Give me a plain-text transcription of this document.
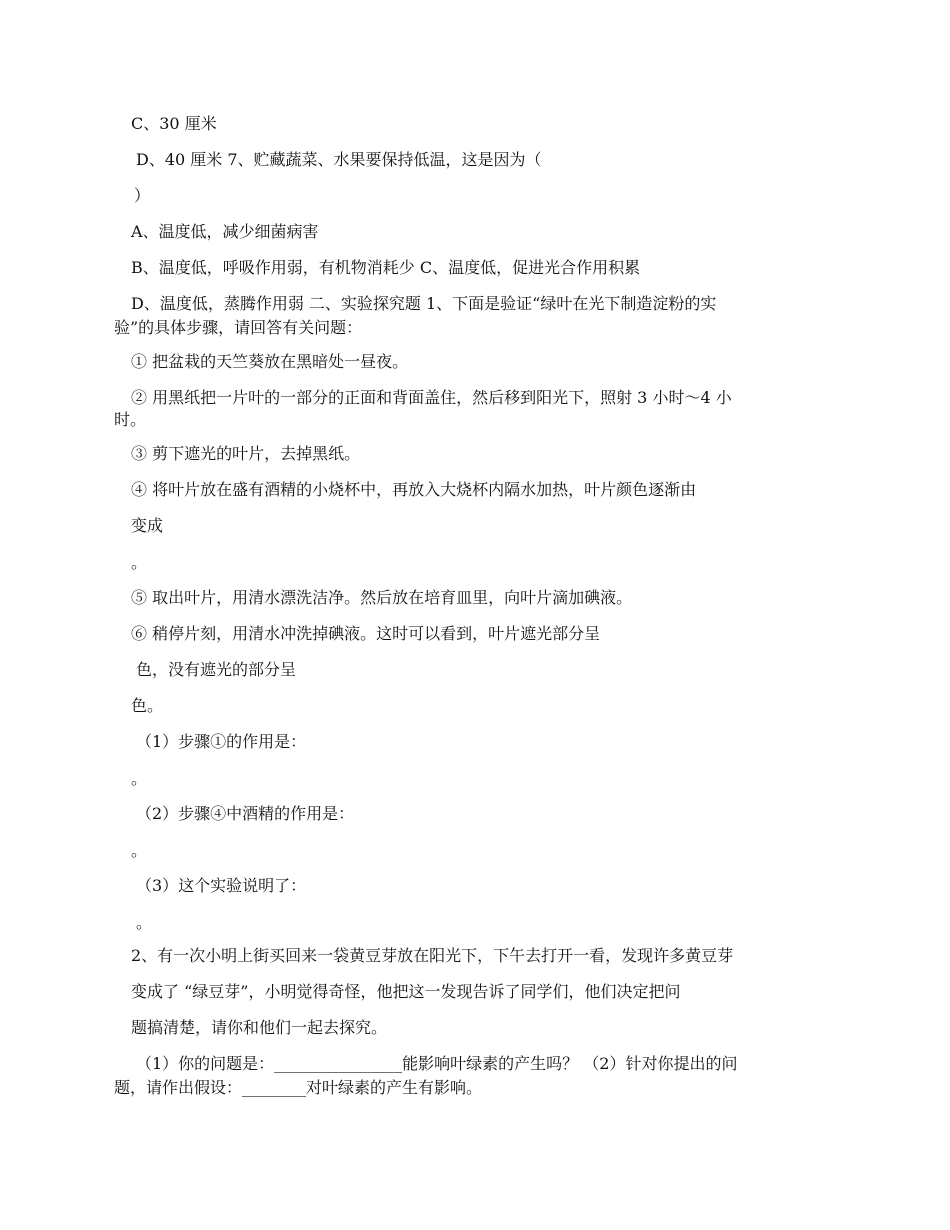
C、30 厘米
D、40 厘米 7、贮藏蔬菜、水果要保持低温，这是因为（
）
A、温度低，减少细菌病害
B、温度低，呼吸作用弱，有机物消耗少 C、温度低，促进光合作用积累
D、温度低，蒸腾作用弱 二、实验探究题 1、下面是验证“绿叶在光下制造淀粉的实
验”的具体步骤，请回答有关问题：
① 把盆栽的天竺葵放在黑暗处一昼夜。
② 用黑纸把一片叶的一部分的正面和背面盖住，然后移到阳光下，照射 3 小时～4 小
时。
③ 剪下遮光的叶片，去掉黑纸。
④ 将叶片放在盛有酒精的小烧杯中，再放入大烧杯内隔水加热，叶片颜色逐渐由
变成
。
⑤ 取出叶片，用清水漂洗洁净。然后放在培育皿里，向叶片滴加碘液。
⑥ 稍停片刻，用清水冲洗掉碘液。这时可以看到，叶片遮光部分呈
色，没有遮光的部分呈
色。
（1）步骤①的作用是：
。
（2）步骤④中酒精的作用是：
。
（3）这个实验说明了：
。
2、有一次小明上街买回来一袋黄豆芽放在阳光下，下午去打开一看，发现许多黄豆芽
变成了 “绿豆芽”，小明觉得奇怪，他把这一发现告诉了同学们，他们决定把问
题搞清楚，请你和他们一起去探究。
（1）你的问题是：________________能影响叶绿素的产生吗？ （2）针对你提出的问
题，请作出假设：________对叶绿素的产生有影响。
